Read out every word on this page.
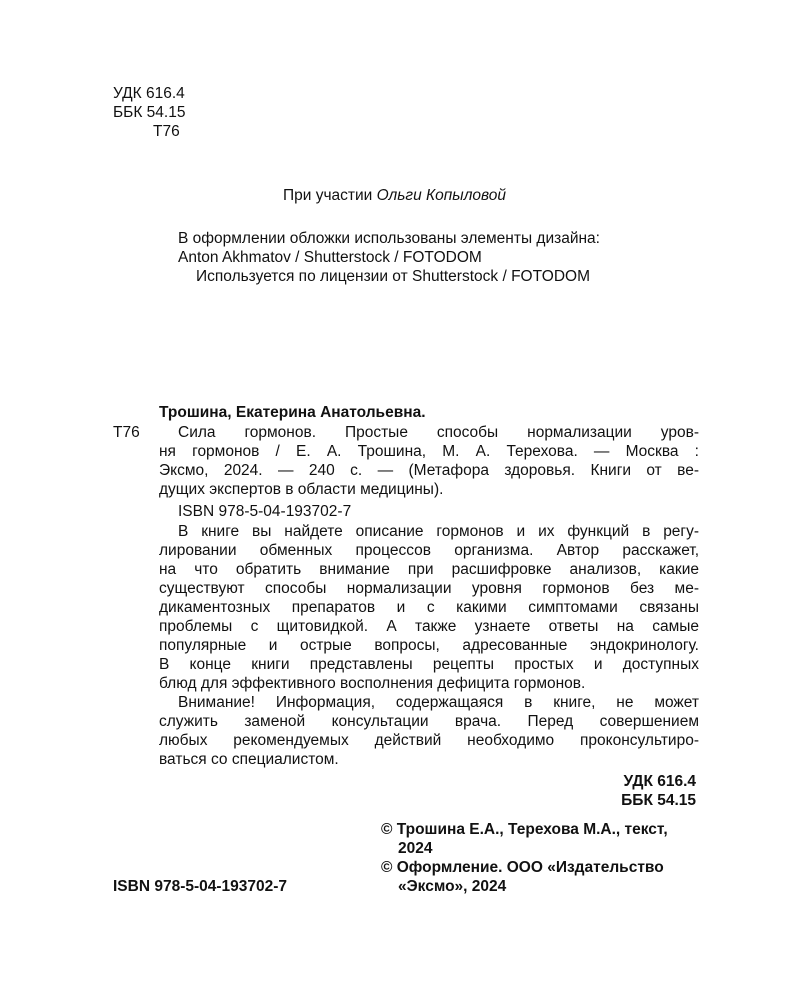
УДК 616.4
ББК 54.15
Т76
При участии Ольги Копыловой
В оформлении обложки использованы элементы дизайна:
Anton Akhmatov / Shutterstock / FOTODOM
Используется по лицензии от Shutterstock / FOTODOM
Трошина, Екатерина Анатольевна.
Т76 Сила гормонов. Простые способы нормализации уров-
ня гормонов / Е. А. Трошина, М. А. Терехова. — Москва :
Эксмо, 2024. — 240 с. — (Метафора здоровья. Книги от ве-
дущих экспертов в области медицины).
ISBN 978-5-04-193702-7
В книге вы найдете описание гормонов и их функций в регу-
лировании обменных процессов организма. Автор расскажет,
на что обратить внимание при расшифровке анализов, какие
существуют способы нормализации уровня гормонов без ме-
дикаментозных препаратов и с какими симптомами связаны
проблемы с щитовидкой. А также узнаете ответы на самые
популярные и острые вопросы, адресованные эндокринологу.
В конце книги представлены рецепты простых и доступных
блюд для эффективного восполнения дефицита гормонов.
Внимание! Информация, содержащаяся в книге, не может
служить заменой консультации врача. Перед совершением
любых рекомендуемых действий необходимо проконсультиро-
ваться со специалистом.
УДК 616.4
ББК 54.15
© Трошина Е.А., Терехова М.А., текст,
2024
© Оформление. ООО «Издательство
ISBN 978-5-04-193702-7	«Эксмо», 2024
